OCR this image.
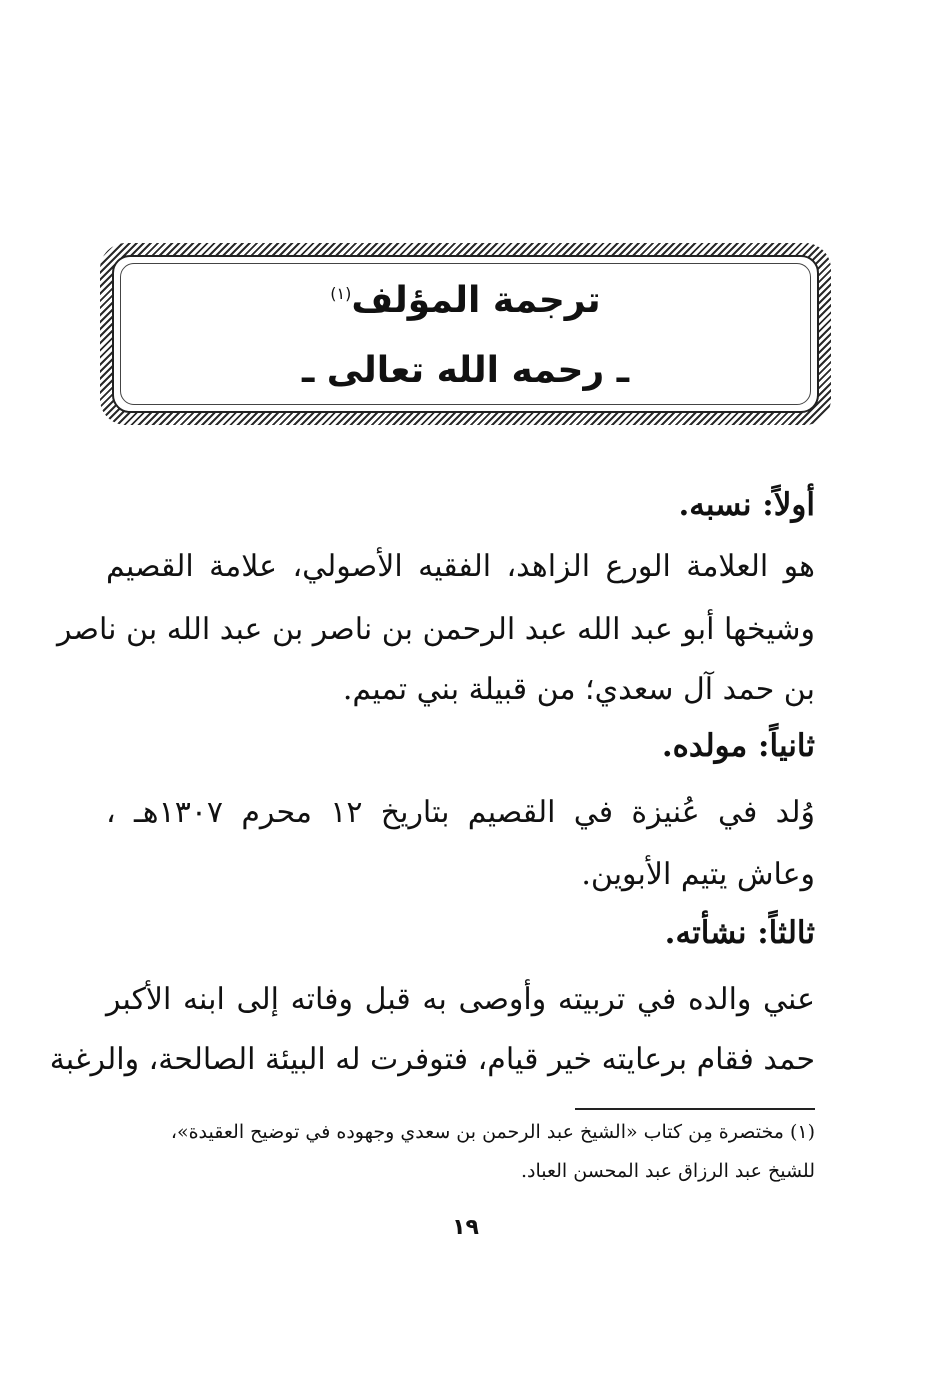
ترجمة المؤلف$^{(١)}$
ـ رحمه الله تعالى ـ
أولاً: نسبه.
هو العلامة الورع الزاهد، الفقيه الأصولي، علامة القصيم
وشيخها أبو عبد الله عبد الرحمن بن ناصر بن عبد الله بن ناصر
بن حمد آل سعدي؛ من قبيلة بني تميم.
ثانياً: مولده.
وُلد في عُنيزة في القصيم بتاريخ ١٢ محرم ١٣٠٧هـ ،
وعاش يتيم الأبوين.
ثالثاً: نشأته.
عني والده في تربيته وأوصى به قبل وفاته إلى ابنه الأكبر
حمد فقام برعايته خير قيام، فتوفرت له البيئة الصالحة، والرغبة
(١) مختصرة مِن كتاب «الشيخ عبد الرحمن بن سعدي وجهوده في توضيح العقيدة»،
للشيخ عبد الرزاق عبد المحسن العباد.
١٩
